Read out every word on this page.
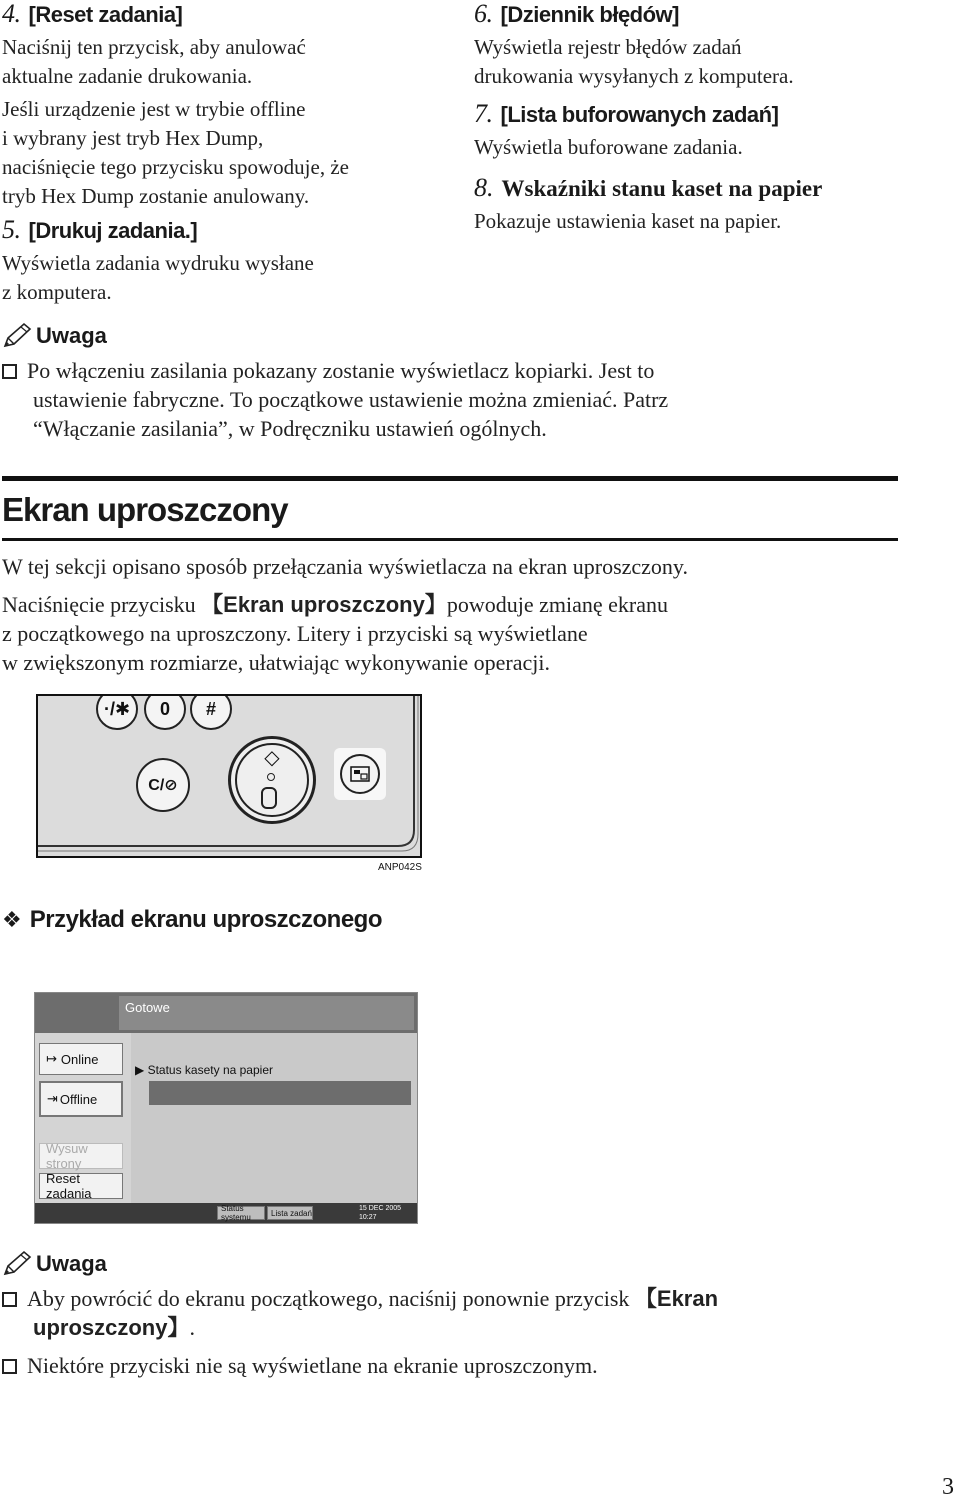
4. [Reset zadania]
Naciśnij ten przycisk, aby anulować
aktualne zadanie drukowania.
Jeśli urządzenie jest w trybie offline
i wybrany jest tryb Hex Dump,
naciśnięcie tego przycisku spowoduje, że
tryb Hex Dump zostanie anulowany.
5. [Drukuj zadania.]
Wyświetla zadania wydruku wysłane
z komputera.
6. [Dziennik błędów]
Wyświetla rejestr błędów zadań
drukowania wysyłanych z komputera.
7. [Lista buforowanych zadań]
Wyświetla buforowane zadania.
8. Wskaźniki stanu kaset na papier
Pokazuje ustawienia kaset na papier.
Uwaga
Po włączeniu zasilania pokazany zostanie wyświetlacz kopiarki. Jest to
ustawienie fabryczne. To początkowe ustawienie można zmieniać. Patrz
“Włączanie zasilania”, w Podręczniku ustawień ogólnych.
Ekran uproszczony
W tej sekcji opisano sposób przełączania wyświetlacza na ekran uproszczony.
Naciśnięcie przycisku 【Ekran uproszczony】powoduje zmianę ekranu
z początkowego na uproszczony. Litery i przyciski są wyświetlane
w zwiększonym rozmiarze, ułatwiając wykonywanie operacji.
·/✱	0	#
C/⊘
◇
ANP042S
❖ Przykład ekranu uproszczonego
Gotowe
↦ Online
⇥ Offline
Wysuw strony
Reset zadania
▶ Status kasety na papier
Status systemu	Lista zadań	15 DEC 2005
10:27
Uwaga
Aby powrócić do ekranu początkowego, naciśnij ponownie przycisk 【Ekran
uproszczony】.
Niektóre przyciski nie są wyświetlane na ekranie uproszczonym.
3
